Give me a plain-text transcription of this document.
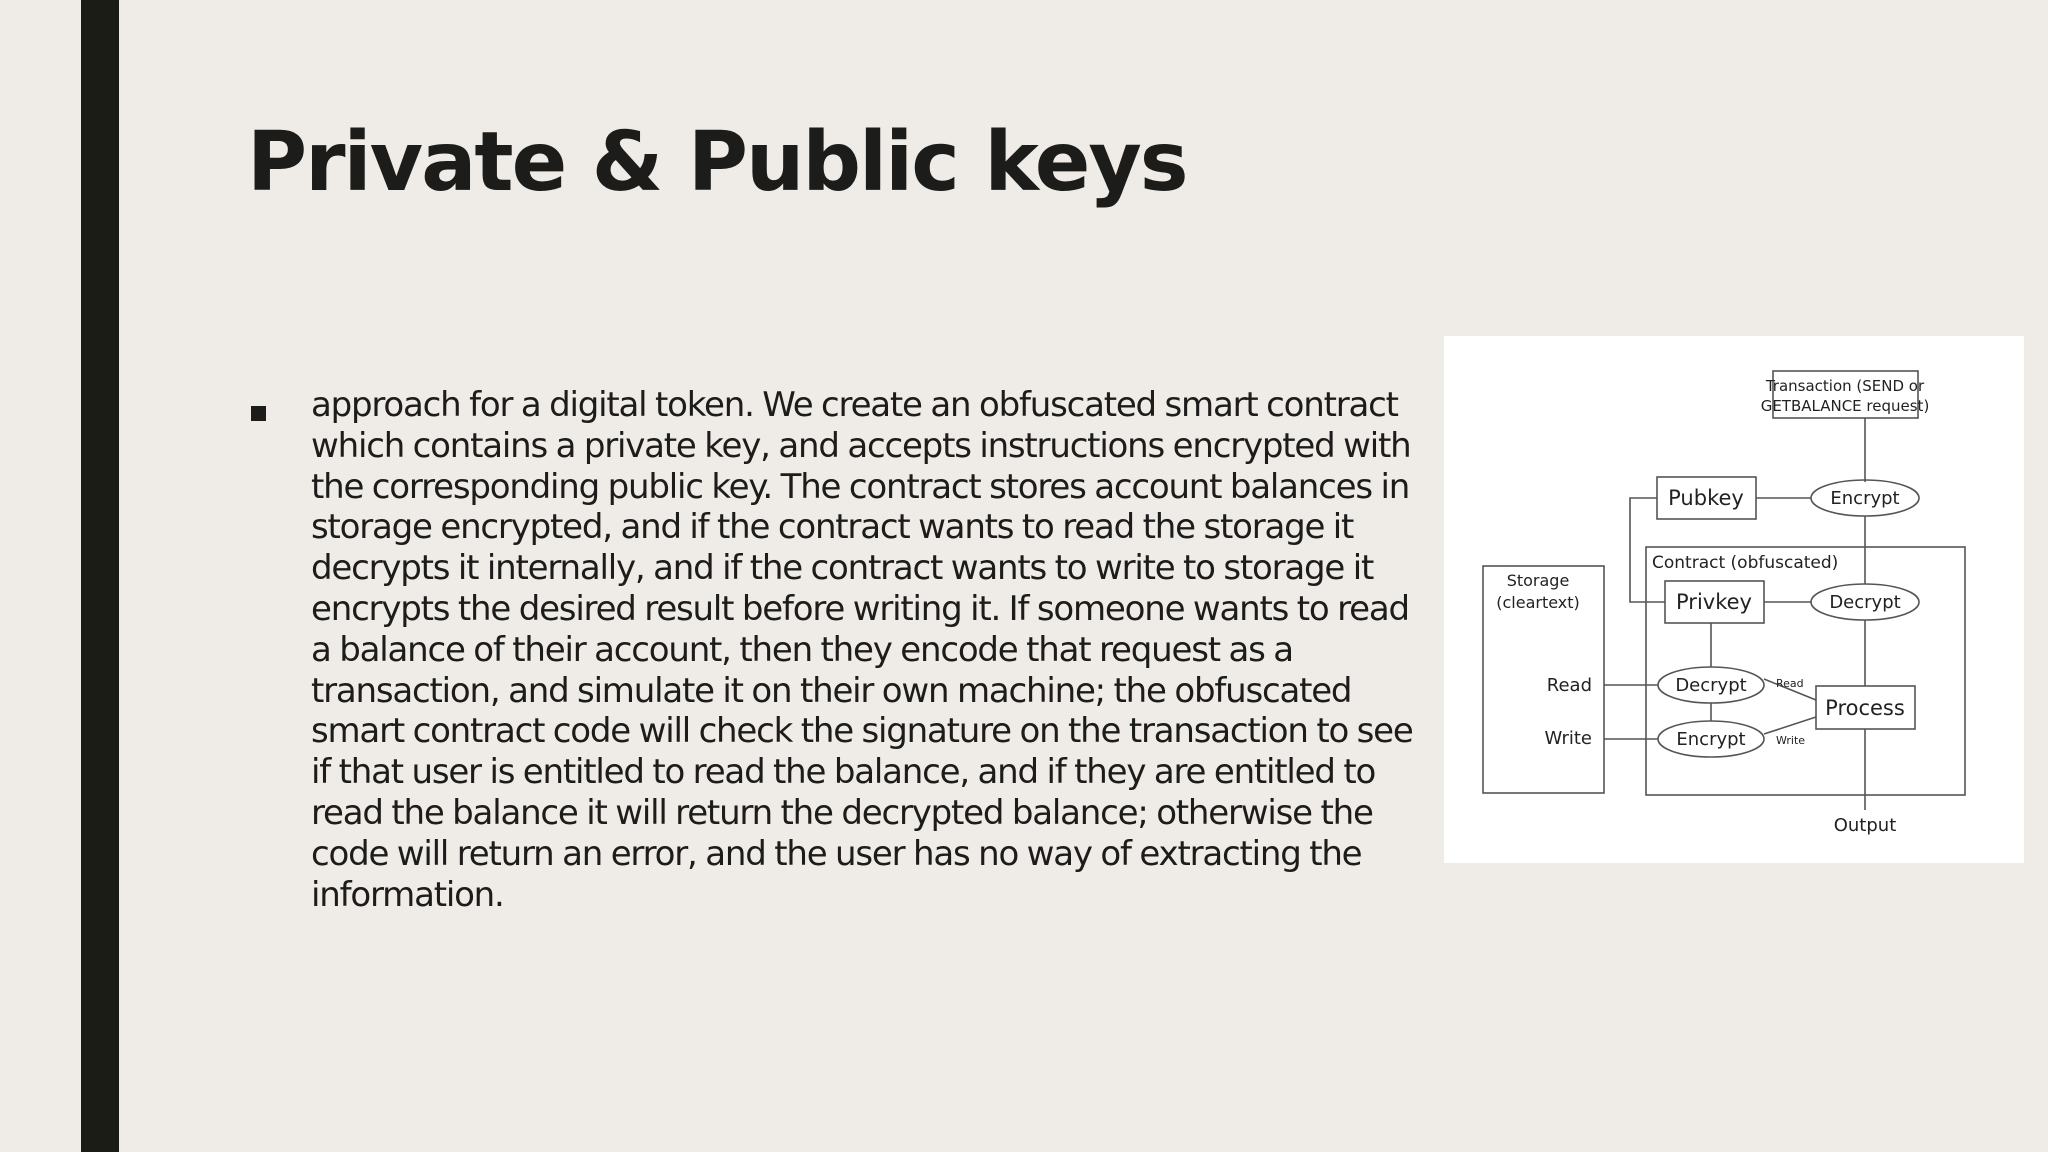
Private & Public keys
approach for a digital token. We create an obfuscated smart contract which contains a private key, and accepts instructions encrypted with the corresponding public key. The contract stores account balances in storage encrypted, and if the contract wants to read the storage it decrypts it internally, and if the contract wants to write to storage it encrypts the desired result before writing it. If someone wants to read a balance of their account, then they encode that request as a transaction, and simulate it on their own machine; the obfuscated smart contract code will check the signature on the transaction to see if that user is entitled to read the balance, and if they are entitled to read the balance it will return the decrypted balance; otherwise the code will return an error, and the user has no way of extracting the information.
Transaction (SEND or
GETBALANCE request)
Pubkey	Encrypt
Contract (obfuscated)
Privkey	Decrypt
Storage
(cleartext)
Read
Write
Decrypt
Encrypt
Read
Write
Process
Output
